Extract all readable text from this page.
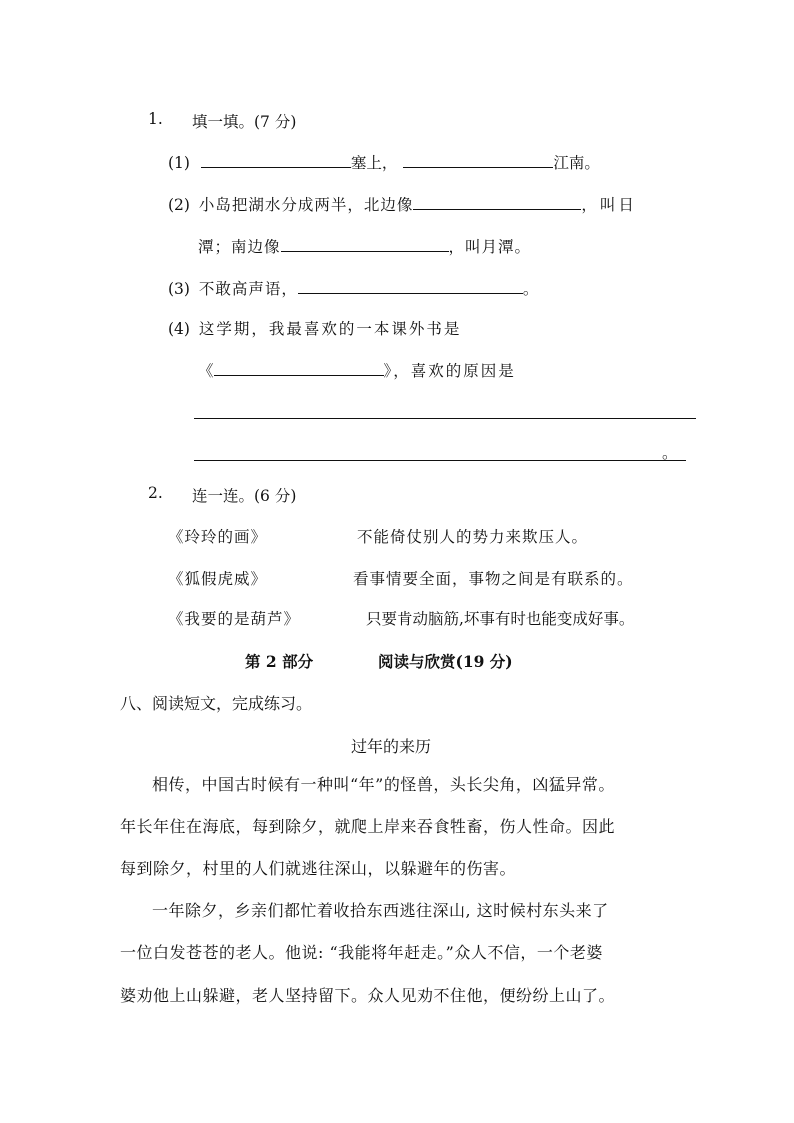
1. 填一填。(7 分)
(1)	塞上，	江南。
(2) 小岛把湖水分成两半，北边像	，叫日
潭；南边像	，叫月潭。
(3) 不敢高声语，	。
(4) 这学期，我最喜欢的一本课外书是
《	》，喜欢的原因是
。
2. 连一连。(6 分)
《玲玲的画》
《狐假虎威》
《我要的是葫芦》
不能倚仗别人的势力来欺压人。
看事情要全面，事物之间是有联系的。
只要肯动脑筋,坏事有时也能变成好事。
第 2 部分	阅读与欣赏(19 分)
八、阅读短文，完成练习。
过年的来历
相传，中国古时候有一种叫“年”的怪兽，头长尖角，凶猛异常。
年长年住在海底，每到除夕，就爬上岸来吞食牲畜，伤人性命。因此
每到除夕，村里的人们就逃往深山，以躲避年的伤害。
一年除夕，乡亲们都忙着收拾东西逃往深山, 这时候村东头来了
一位白发苍苍的老人。他说: “我能将年赶走。”众人不信，一个老婆
婆劝他上山躲避，老人坚持留下。众人见劝不住他，便纷纷上山了。
